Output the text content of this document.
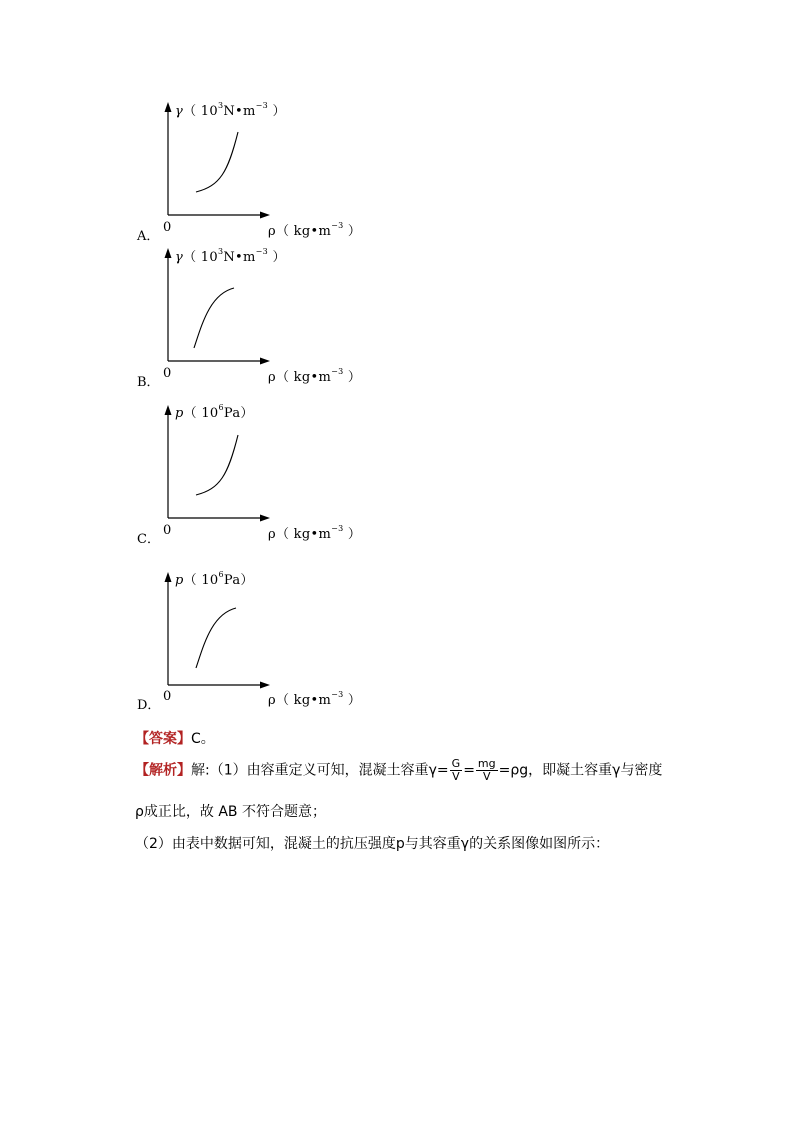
γ（ $10^3N•m^{-3}$ ）
A．
0	ρ（ $kg•m^{-3}$ ）
γ（ $10^3N•m^{-3}$ ）
B．
0	ρ（ $kg•m^{-3}$ ）
p（ $10^6Pa$）
C．
0	ρ（ $kg•m^{-3}$ ）
p（ $10^6Pa$）
D．
0	ρ（ $kg•m^{-3}$ ）
【答案】C。
【解析】解:（1）由容重定义可知，混凝土容重$\gamma= \frac{G}{V} = \frac{mg}{V} =\rho g$，即凝土容重γ与密度
ρ成正比，故 AB 不符合题意；
（2）由表中数据可知，混凝土的抗压强度p与其容重γ的关系图像如图所示：
